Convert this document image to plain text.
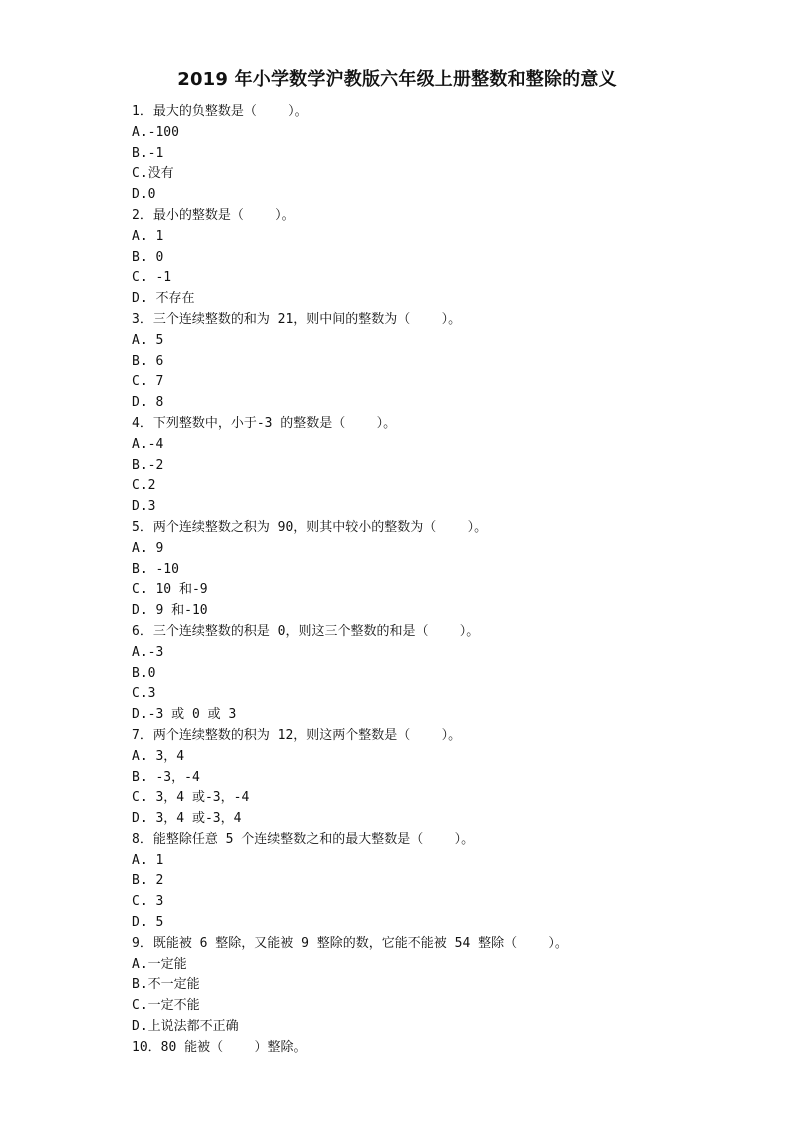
2019 年小学数学沪教版六年级上册整数和整除的意义
1．最大的负整数是（    ）。
A.-100
B.-1
C.没有
D.0
2．最小的整数是（    ）。
A. 1
B. 0
C. -1
D. 不存在
3．三个连续整数的和为 21，则中间的整数为（    ）。
A. 5
B. 6
C. 7
D. 8
4．下列整数中，小于-3 的整数是（    ）。
A.-4
B.-2
C.2
D.3
5．两个连续整数之积为 90，则其中较小的整数为（    ）。
A. 9
B. -10
C. 10 和-9
D. 9 和-10
6．三个连续整数的积是 0，则这三个整数的和是（    ）。
A.-3
B.0
C.3
D.-3 或 0 或 3
7．两个连续整数的积为 12，则这两个整数是（    ）。
A. 3，4
B. -3，-4
C. 3，4 或-3，-4
D. 3，4 或-3，4
8．能整除任意 5 个连续整数之和的最大整数是（    ）。
A. 1
B. 2
C. 3
D. 5
9．既能被 6 整除，又能被 9 整除的数，它能不能被 54 整除（    ）。
A.一定能
B.不一定能
C.一定不能
D.上说法都不正确
10．80 能被（    ）整除。
